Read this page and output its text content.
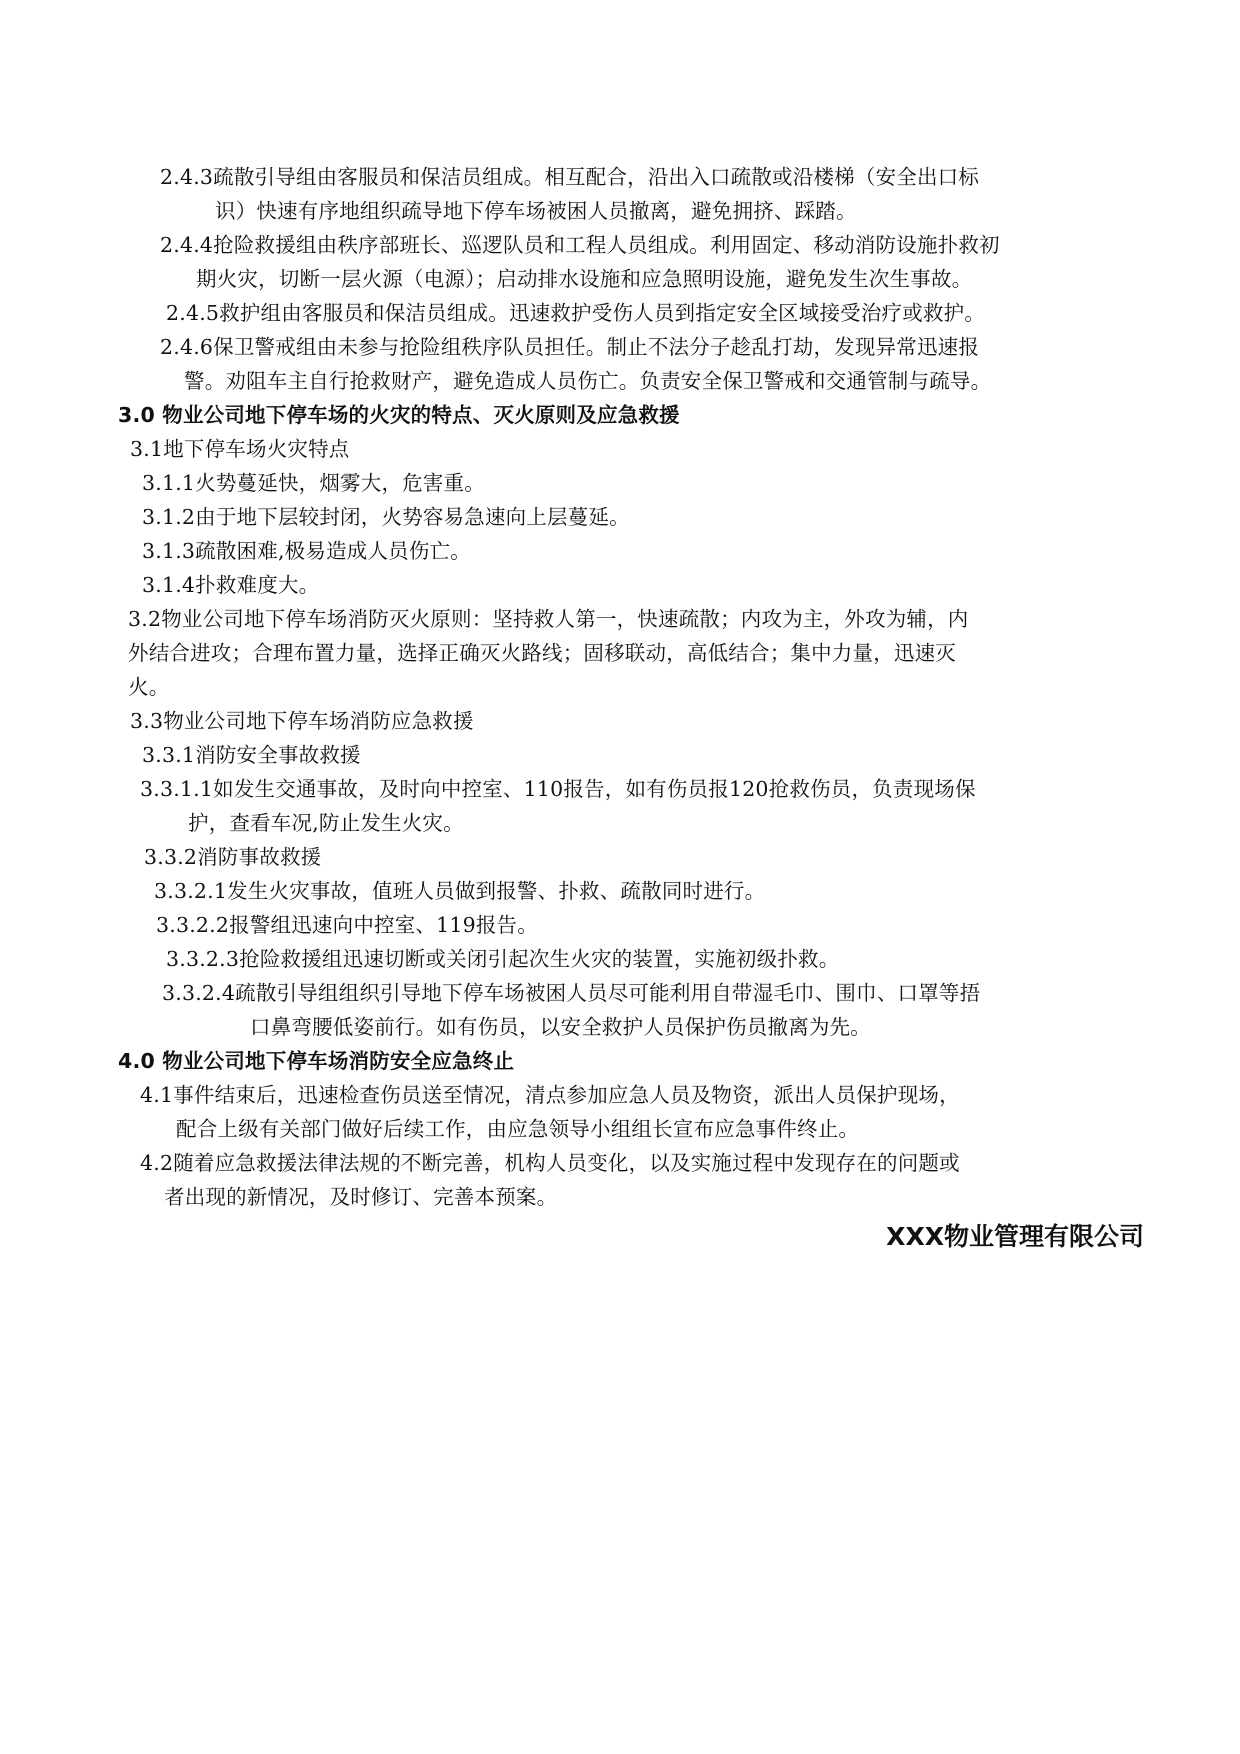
2.4.3疏散引导组由客服员和保洁员组成。相互配合，沿出入口疏散或沿楼梯（安全出口标
识）快速有序地组织疏导地下停车场被困人员撤离，避免拥挤、踩踏。
2.4.4抢险救援组由秩序部班长、巡逻队员和工程人员组成。利用固定、移动消防设施扑救初
期火灾，切断一层火源（电源）；启动排水设施和应急照明设施，避免发生次生事故。
2.4.5救护组由客服员和保洁员组成。迅速救护受伤人员到指定安全区域接受治疗或救护。
2.4.6保卫警戒组由未参与抢险组秩序队员担任。制止不法分子趁乱打劫，发现异常迅速报
警。劝阻车主自行抢救财产，避免造成人员伤亡。负责安全保卫警戒和交通管制与疏导。
3.0 物业公司地下停车场的火灾的特点、灭火原则及应急救援
3.1地下停车场火灾特点
3.1.1火势蔓延快，烟雾大，危害重。
3.1.2由于地下层较封闭，火势容易急速向上层蔓延。
3.1.3疏散困难,极易造成人员伤亡。
3.1.4扑救难度大。
3.2物业公司地下停车场消防灭火原则：坚持救人第一，快速疏散；内攻为主，外攻为辅，内
外结合进攻；合理布置力量，选择正确灭火路线；固移联动，高低结合；集中力量，迅速灭
火。
3.3物业公司地下停车场消防应急救援
3.3.1消防安全事故救援
3.3.1.1如发生交通事故，及时向中控室、110报告，如有伤员报120抢救伤员，负责现场保
护，查看车况,防止发生火灾。
3.3.2消防事故救援
3.3.2.1发生火灾事故，值班人员做到报警、扑救、疏散同时进行。
3.3.2.2报警组迅速向中控室、119报告。
3.3.2.3抢险救援组迅速切断或关闭引起次生火灾的装置，实施初级扑救。
3.3.2.4疏散引导组组织引导地下停车场被困人员尽可能利用自带湿毛巾、围巾、口罩等捂
口鼻弯腰低姿前行。如有伤员，以安全救护人员保护伤员撤离为先。
4.0 物业公司地下停车场消防安全应急终止
4.1事件结束后，迅速检查伤员送至情况，清点参加应急人员及物资，派出人员保护现场，
配合上级有关部门做好后续工作，由应急领导小组组长宣布应急事件终止。
4.2随着应急救援法律法规的不断完善，机构人员变化，以及实施过程中发现存在的问题或
者出现的新情况，及时修订、完善本预案。
XXX物业管理有限公司
